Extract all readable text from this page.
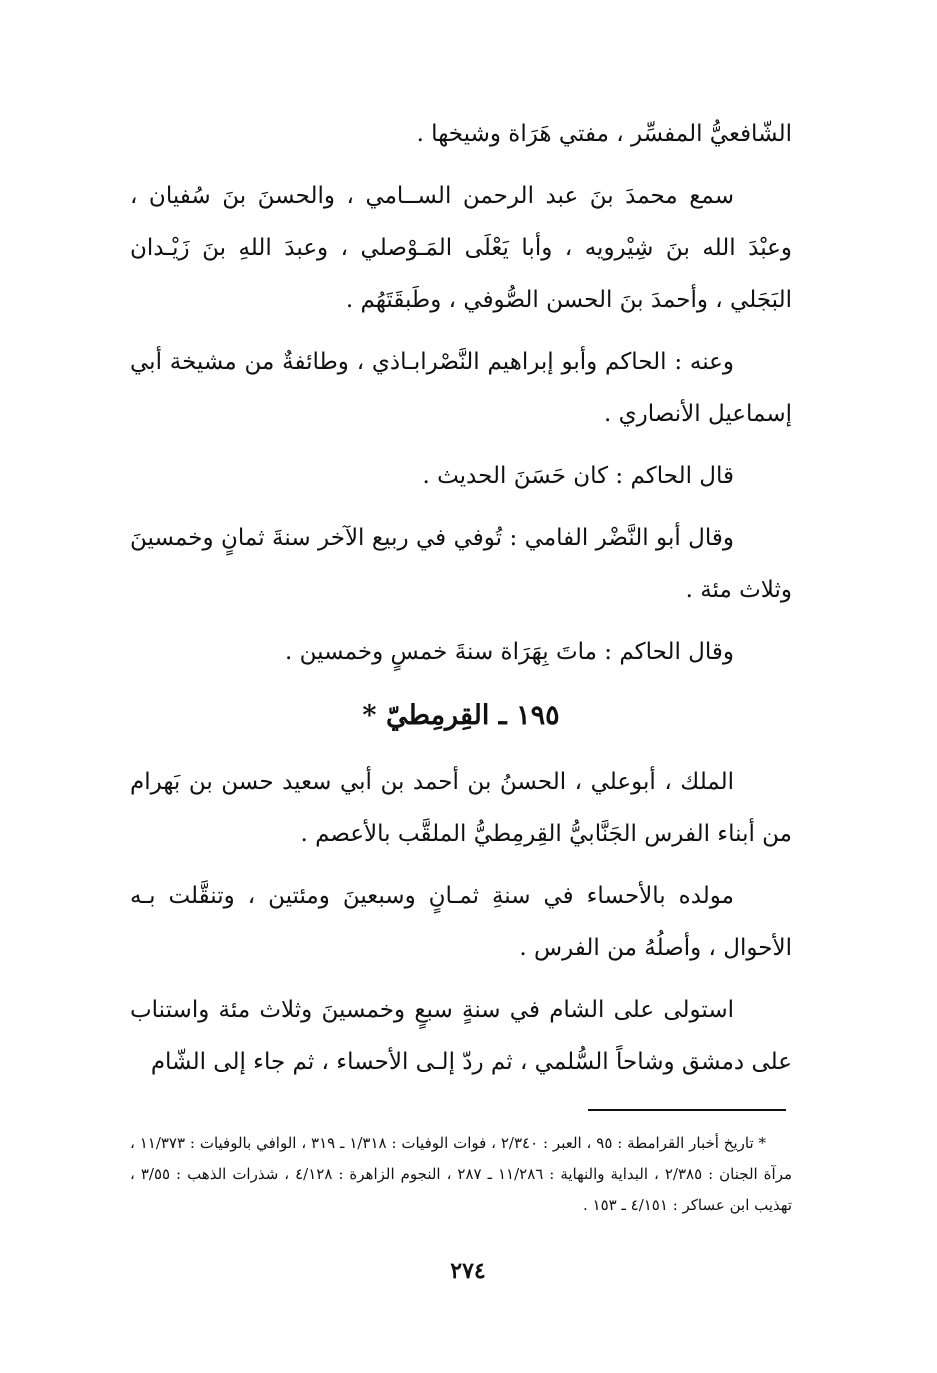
الشّافعيُّ المفسِّر ، مفتي هَرَاة وشيخها .

سمع محمدَ بنَ عبد الرحمن الســامي ، والحسنَ بنَ سُفيان ، وعبْدَ الله بنَ شِيْرويه ، وأبا يَعْلَى المَـوْصلي ، وعبدَ اللهِ بنَ زَيْـدان البَجَلي ، وأحمدَ بنَ الحسن الصُّوفي ، وطَبقَتَهُم .

وعنه : الحاكم وأبو إبراهيم النَّصْرابـاذي ، وطائفةٌ من مشيخة أبي إسماعيل الأنصاري .

قال الحاكم : كان حَسَنَ الحديث .

وقال أبو النَّضْر الفامي : تُوفي في ربيع الآخر سنةَ ثمانٍ وخمسينَ وثلاث مئة .

وقال الحاكم : ماتَ بِهَرَاة سنةَ خمسٍ وخمسين .

١٩٥ ـ القِرمِطيّ *

الملك ، أبوعلي ، الحسنُ بن أحمد بن أبي سعيد حسن بن بَهرام من أبناء الفرس الجَنَّابيُّ القِرمِطيُّ الملقَّب بالأعصم .

مولده بالأحساء في سنةِ ثمـانٍ وسبعينَ ومئتين ، وتنقَّلت بـه الأحوال ، وأصلُهُ من الفرس .

استولى على الشام في سنةٍ سبعٍ وخمسينَ وثلاث مئة واستناب على دمشق وشاحاً السُّلمي ، ثم ردّ إلـى الأحساء ، ثم جاء إلى الشّام

* تاريخ أخبار القرامطة : ٩٥ ، العبر : ٢/٣٤٠ ، فوات الوفيات : ١/٣١٨ ـ ٣١٩ ، الوافي بالوفيات : ١١/٣٧٣ ، مرآة الجنان : ٢/٣٨٥ ، البداية والنهاية : ١١/٢٨٦ ـ ٢٨٧ ، النجوم الزاهرة : ٤/١٢٨ ، شذرات الذهب : ٣/٥٥ ، تهذيب ابن عساكر : ٤/١٥١ ـ ١٥٣ .

٢٧٤
